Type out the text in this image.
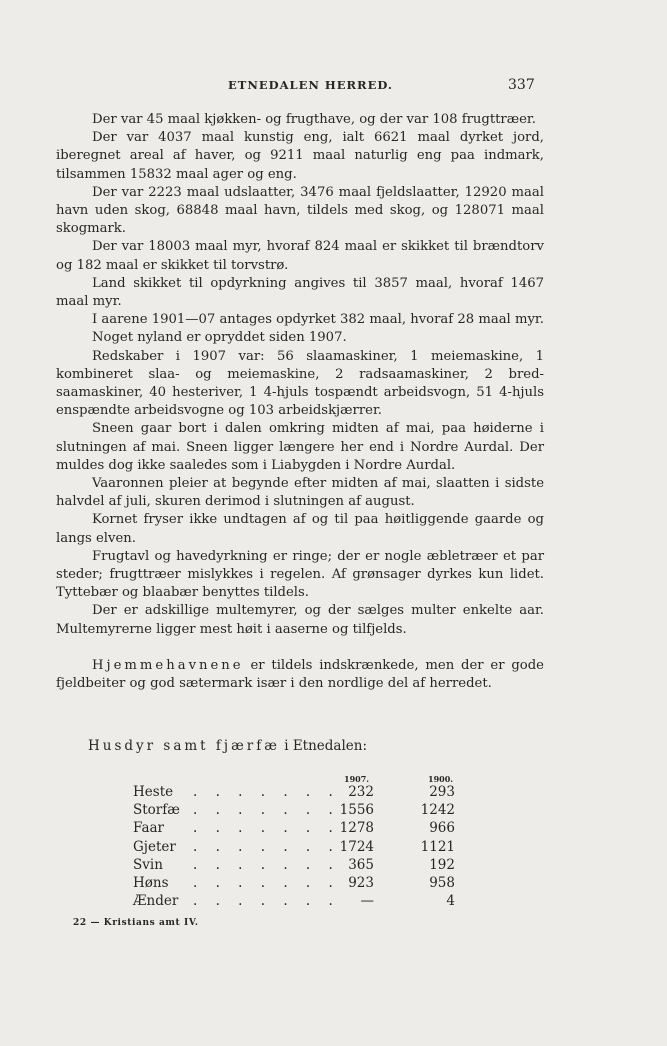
ETNEDALEN HERRED.	337

Der var 45 maal kjøkken- og frugthave, og der var 108 frugttræer.

Der var 4037 maal kunstig eng, ialt 6621 maal dyrket jord, iberegnet areal af haver, og 9211 maal naturlig eng paa indmark, tilsammen 15832 maal ager og eng.

Der var 2223 maal udslaatter, 3476 maal fjeldslaatter, 12920 maal havn uden skog, 68848 maal havn, tildels med skog, og 128071 maal skogmark.

Der var 18003 maal myr, hvoraf 824 maal er skikket til brændtorv og 182 maal er skikket til torvstrø.

Land skikket til opdyrkning angives til 3857 maal, hvoraf 1467 maal myr.

I aarene 1901—07 antages opdyrket 382 maal, hvoraf 28 maal myr.

Noget nyland er opryddet siden 1907.

Redskaber i 1907 var: 56 slaamaskiner, 1 meiemaskine, 1 kombineret slaa- og meiemaskine, 2 radsaamaskiner, 2 bred-saamaskiner, 40 hesteriver, 1 4-hjuls tospændt arbeidsvogn, 51 4-hjuls enspændte arbeidsvogne og 103 arbeidskjærrer.

Sneen gaar bort i dalen omkring midten af mai, paa høiderne i slutningen af mai. Sneen ligger længere her end i Nordre Aurdal. Der muldes dog ikke saaledes som i Liabygden i Nordre Aurdal.

Vaaronnen pleier at begynde efter midten af mai, slaatten i sidste halvdel af juli, skuren derimod i slutningen af august.

Kornet fryser ikke undtagen af og til paa høitliggende gaarde og langs elven.

Frugtavl og havedyrkning er ringe; der er nogle æbletræer et par steder; frugttræer mislykkes i regelen. Af grønsager dyrkes kun lidet. Tyttebær og blaabær benyttes tildels.

Der er adskillige multemyrer, og der sælges multer enkelte aar. Multemyrerne ligger mest høit i aaserne og tilfjelds.

Hjemmehavnene er tildels indskrænkede, men der er gode fjeldbeiter og god sætermark især i den nordlige del af herredet.

Husdyr samt fjærfæ i Etnedalen:
1907.	1900.
Heste . . . . . . . 232	293
Storfæ . . . . . . . 1556	1242
Faar . . . . . . . 1278	966
Gjeter . . . . . . . 1724	1121
Svin . . . . . . . 365	192
Høns . . . . . . . 923	958
Ænder . . . . . . . —	4
22 — Kristians amt IV.
